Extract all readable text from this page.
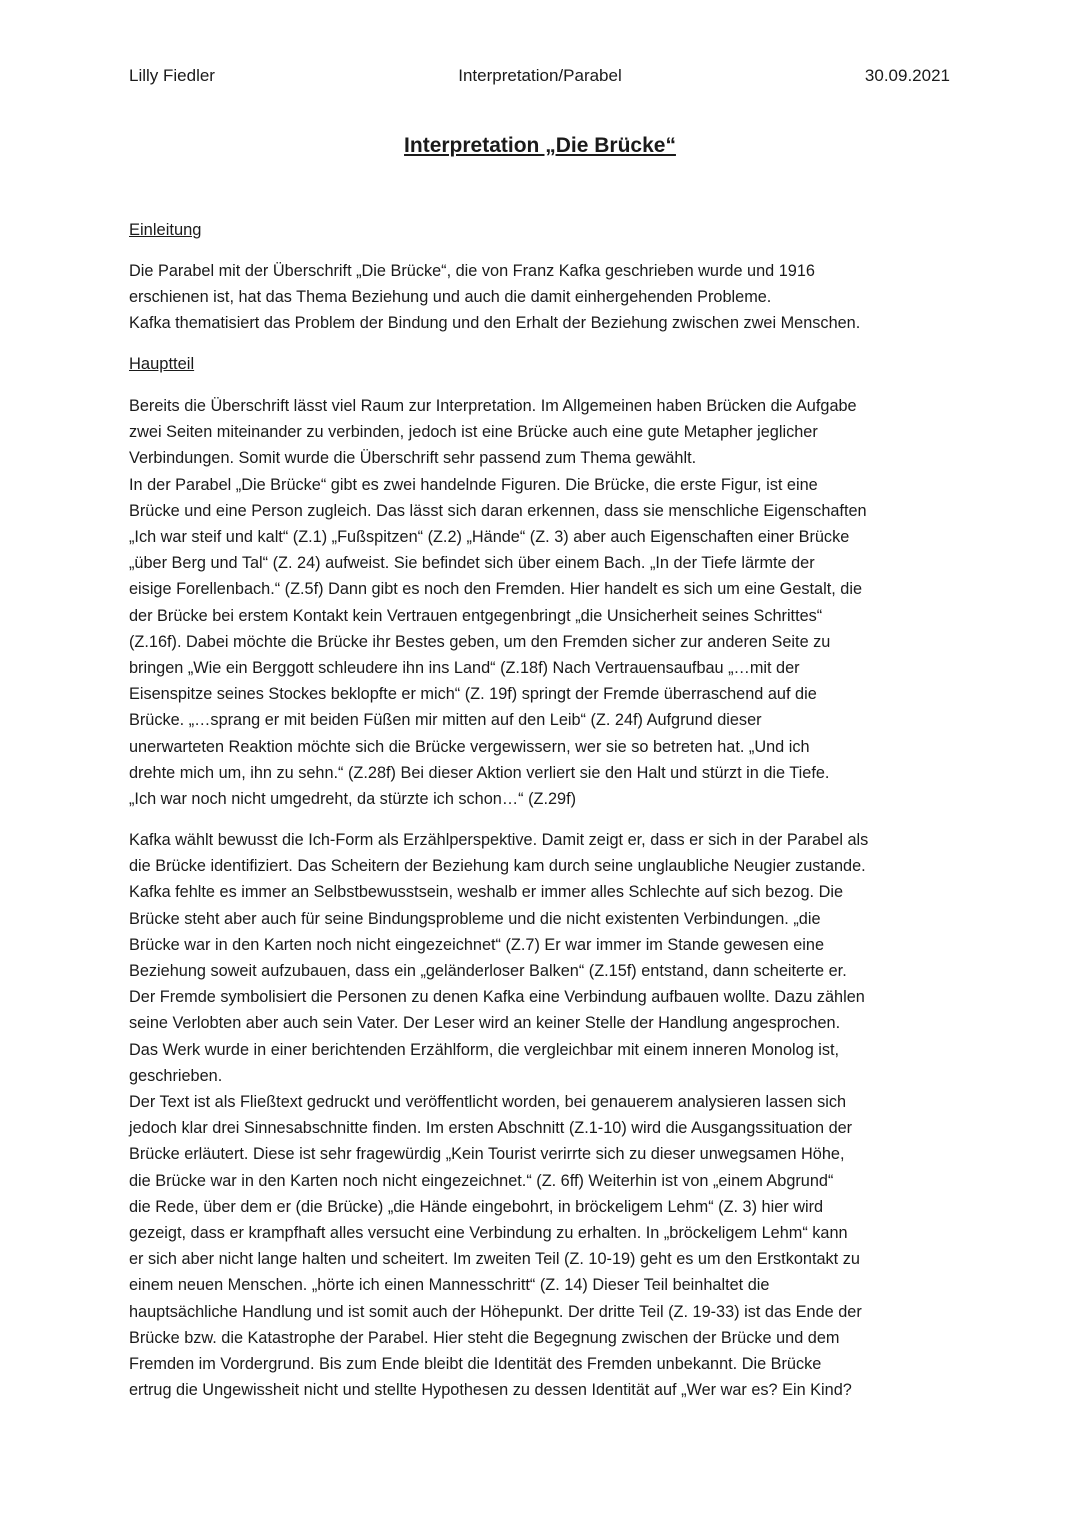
Lilly Fiedler	Interpretation/Parabel	30.09.2021
Interpretation „Die Brücke“
Einleitung
Die Parabel mit der Überschrift „Die Brücke“, die von Franz Kafka geschrieben wurde und 1916
erschienen ist, hat das Thema Beziehung und auch die damit einhergehenden Probleme.
Kafka thematisiert das Problem der Bindung und den Erhalt der Beziehung zwischen zwei Menschen.
Hauptteil
Bereits die Überschrift lässt viel Raum zur Interpretation. Im Allgemeinen haben Brücken die Aufgabe
zwei Seiten miteinander zu verbinden, jedoch ist eine Brücke auch eine gute Metapher jeglicher
Verbindungen. Somit wurde die Überschrift sehr passend zum Thema gewählt.
In der Parabel „Die Brücke“ gibt es zwei handelnde Figuren. Die Brücke, die erste Figur, ist eine
Brücke und eine Person zugleich. Das lässt sich daran erkennen, dass sie menschliche Eigenschaften
„Ich war steif und kalt“ (Z.1) „Fußspitzen“ (Z.2) „Hände“ (Z. 3) aber auch Eigenschaften einer Brücke
„über Berg und Tal“ (Z. 24) aufweist. Sie befindet sich über einem Bach. „In der Tiefe lärmte der
eisige Forellenbach.“ (Z.5f) Dann gibt es noch den Fremden. Hier handelt es sich um eine Gestalt, die
der Brücke bei erstem Kontakt kein Vertrauen entgegenbringt „die Unsicherheit seines Schrittes“
(Z.16f). Dabei möchte die Brücke ihr Bestes geben, um den Fremden sicher zur anderen Seite zu
bringen „Wie ein Berggott schleudere ihn ins Land“ (Z.18f) Nach Vertrauensaufbau „…mit der
Eisenspitze seines Stockes beklopfte er mich“ (Z. 19f) springt der Fremde überraschend auf die
Brücke. „…sprang er mit beiden Füßen mir mitten auf den Leib“ (Z. 24f) Aufgrund dieser
unerwarteten Reaktion möchte sich die Brücke vergewissern, wer sie so betreten hat. „Und ich
drehte mich um, ihn zu sehn.“ (Z.28f) Bei dieser Aktion verliert sie den Halt und stürzt in die Tiefe.
„Ich war noch nicht umgedreht, da stürzte ich schon…“ (Z.29f)
Kafka wählt bewusst die Ich-Form als Erzählperspektive. Damit zeigt er, dass er sich in der Parabel als
die Brücke identifiziert. Das Scheitern der Beziehung kam durch seine unglaubliche Neugier zustande.
Kafka fehlte es immer an Selbstbewusstsein, weshalb er immer alles Schlechte auf sich bezog. Die
Brücke steht aber auch für seine Bindungsprobleme und die nicht existenten Verbindungen. „die
Brücke war in den Karten noch nicht eingezeichnet“ (Z.7) Er war immer im Stande gewesen eine
Beziehung soweit aufzubauen, dass ein „geländerloser Balken“ (Z.15f) entstand, dann scheiterte er.
Der Fremde symbolisiert die Personen zu denen Kafka eine Verbindung aufbauen wollte. Dazu zählen
seine Verlobten aber auch sein Vater. Der Leser wird an keiner Stelle der Handlung angesprochen.
Das Werk wurde in einer berichtenden Erzählform, die vergleichbar mit einem inneren Monolog ist,
geschrieben.
Der Text ist als Fließtext gedruckt und veröffentlicht worden, bei genauerem analysieren lassen sich
jedoch klar drei Sinnesabschnitte finden. Im ersten Abschnitt (Z.1-10) wird die Ausgangssituation der
Brücke erläutert. Diese ist sehr fragewürdig „Kein Tourist verirrte sich zu dieser unwegsamen Höhe,
die Brücke war in den Karten noch nicht eingezeichnet.“ (Z. 6ff) Weiterhin ist von „einem Abgrund“
die Rede, über dem er (die Brücke) „die Hände eingebohrt, in bröckeligem Lehm“ (Z. 3) hier wird
gezeigt, dass er krampfhaft alles versucht eine Verbindung zu erhalten. In „bröckeligem Lehm“ kann
er sich aber nicht lange halten und scheitert. Im zweiten Teil (Z. 10-19) geht es um den Erstkontakt zu
einem neuen Menschen. „hörte ich einen Mannesschritt“ (Z. 14) Dieser Teil beinhaltet die
hauptsächliche Handlung und ist somit auch der Höhepunkt. Der dritte Teil (Z. 19-33) ist das Ende der
Brücke bzw. die Katastrophe der Parabel. Hier steht die Begegnung zwischen der Brücke und dem
Fremden im Vordergrund. Bis zum Ende bleibt die Identität des Fremden unbekannt. Die Brücke
ertrug die Ungewissheit nicht und stellte Hypothesen zu dessen Identität auf „Wer war es? Ein Kind?
